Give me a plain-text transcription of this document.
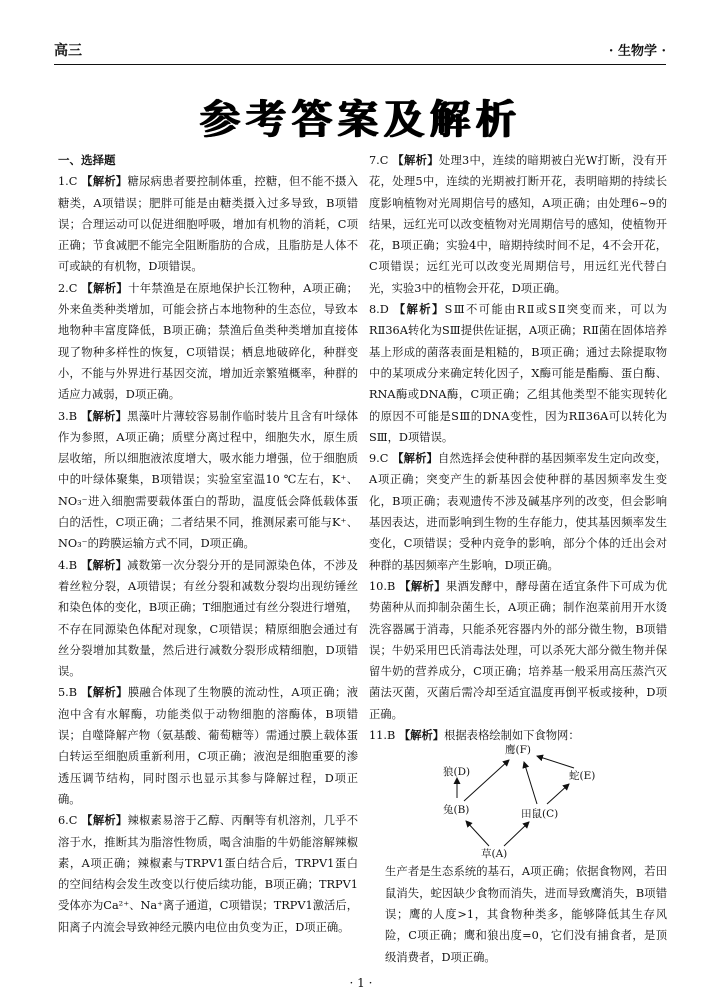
高三	· 生物学 ·
参考答案及解析
一、选择题

1.C 【解析】糖尿病患者要控制体重，控糖，但不能不摄入糖类，A项错误；肥胖可能是由糖类摄入过多导致，B项错误；合理运动可以促进细胞呼吸，增加有机物的消耗，C项正确；节食减肥不能完全阻断脂肪的合成，且脂肪是人体不可或缺的有机物，D项错误。

2.C 【解析】十年禁渔是在原地保护长江物种，A项正确；外来鱼类种类增加，可能会挤占本地物种的生态位，导致本地物种丰富度降低，B项正确；禁渔后鱼类种类增加直接体现了物种多样性的恢复，C项错误；栖息地破碎化，种群变小，不能与外界进行基因交流，增加近亲繁殖概率，种群的适应力减弱，D项正确。

3.B 【解析】黑藻叶片薄较容易制作临时装片且含有叶绿体作为参照，A项正确；质壁分离过程中，细胞失水，原生质层收缩，所以细胞液浓度增大，吸水能力增强，位于细胞质中的叶绿体聚集，B项错误；实验室室温10 ℃左右，K⁺、NO₃⁻进入细胞需要载体蛋白的帮助，温度低会降低载体蛋白的活性，C项正确；二者结果不同，推测尿素可能与K⁺、NO₃⁻的跨膜运输方式不同，D项正确。

4.B 【解析】减数第一次分裂分开的是同源染色体，不涉及着丝粒分裂，A项错误；有丝分裂和减数分裂均出现纺锤丝和染色体的变化，B项正确；T细胞通过有丝分裂进行增殖，不存在同源染色体配对现象，C项错误；精原细胞会通过有丝分裂增加其数量，然后进行减数分裂形成精细胞，D项错误。

5.B 【解析】膜融合体现了生物膜的流动性，A项正确；液泡中含有水解酶，功能类似于动物细胞的溶酶体，B项错误；自噬降解产物（氨基酸、葡萄糖等）需通过膜上载体蛋白转运至细胞质重新利用，C项正确；液泡是细胞重要的渗透压调节结构，同时图示也显示其参与降解过程，D项正确。

6.C 【解析】辣椒素易溶于乙醇、丙酮等有机溶剂，几乎不溶于水，推断其为脂溶性物质，喝含油脂的牛奶能溶解辣椒素，A项正确；辣椒素与TRPV1蛋白结合后，TRPV1蛋白的空间结构会发生改变以行使后续功能，B项正确；TRPV1受体亦为Ca²⁺、Na⁺离子通道，C项错误；TRPV1激活后，阳离子内流会导致神经元膜内电位由负变为正，D项正确。

7.C 【解析】处理3中，连续的暗期被白光W打断，没有开花，处理5中，连续的光期被打断开花，表明暗期的持续长度影响植物对光周期信号的感知，A项正确；由处理6~9的结果，远红光可以改变植物对光周期信号的感知，使植物开花，B项正确；实验4中，暗期持续时间不足，4不会开花，C项错误；远红光可以改变光周期信号，用远红光代替白光，实验3中的植物会开花，D项正确。

8.D 【解析】SⅢ不可能由RⅡ或SⅡ突变而来，可以为RⅡ36A转化为SⅢ提供佐证据，A项正确；RⅡ菌在固体培养基上形成的菌落表面是粗糙的，B项正确；通过去除提取物中的某项成分来确定转化因子，X酶可能是酯酶、蛋白酶、RNA酶或DNA酶，C项正确；乙组其他类型不能实现转化的原因不可能是SⅢ的DNA变性，因为RⅡ36A可以转化为SⅢ，D项错误。

9.C 【解析】自然选择会使种群的基因频率发生定向改变，A项正确；突变产生的新基因会使种群的基因频率发生变化，B项正确；表观遗传不涉及碱基序列的改变，但会影响基因表达，进而影响到生物的生存能力，使其基因频率发生变化，C项错误；受种内竞争的影响，部分个体的迁出会对种群的基因频率产生影响，D项正确。

10.B 【解析】果酒发酵中，酵母菌在适宜条件下可成为优势菌种从而抑制杂菌生长，A项正确；制作泡菜前用开水烫洗容器属于消毒，只能杀死容器内外的部分微生物，B项错误；牛奶采用巴氏消毒法处理，可以杀死大部分微生物并保留牛奶的营养成分，C项正确；培养基一般采用高压蒸汽灭菌法灭菌，灭菌后需冷却至适宜温度再倒平板或接种，D项正确。

11.B 【解析】根据表格绘制如下食物网：

鹰(F)
狼(D)	蛇(E)
兔(B)	田鼠(C)
草(A)

生产者是生态系统的基石，A项正确；依据食物网，若田鼠消失，蛇因缺少食物而消失，进而导致鹰消失，B项错误；鹰的人度>1，其食物种类多，能够降低其生存风险，C项正确；鹰和狼出度=0，它们没有捕食者，是顶级消费者，D项正确。

· 1 ·
